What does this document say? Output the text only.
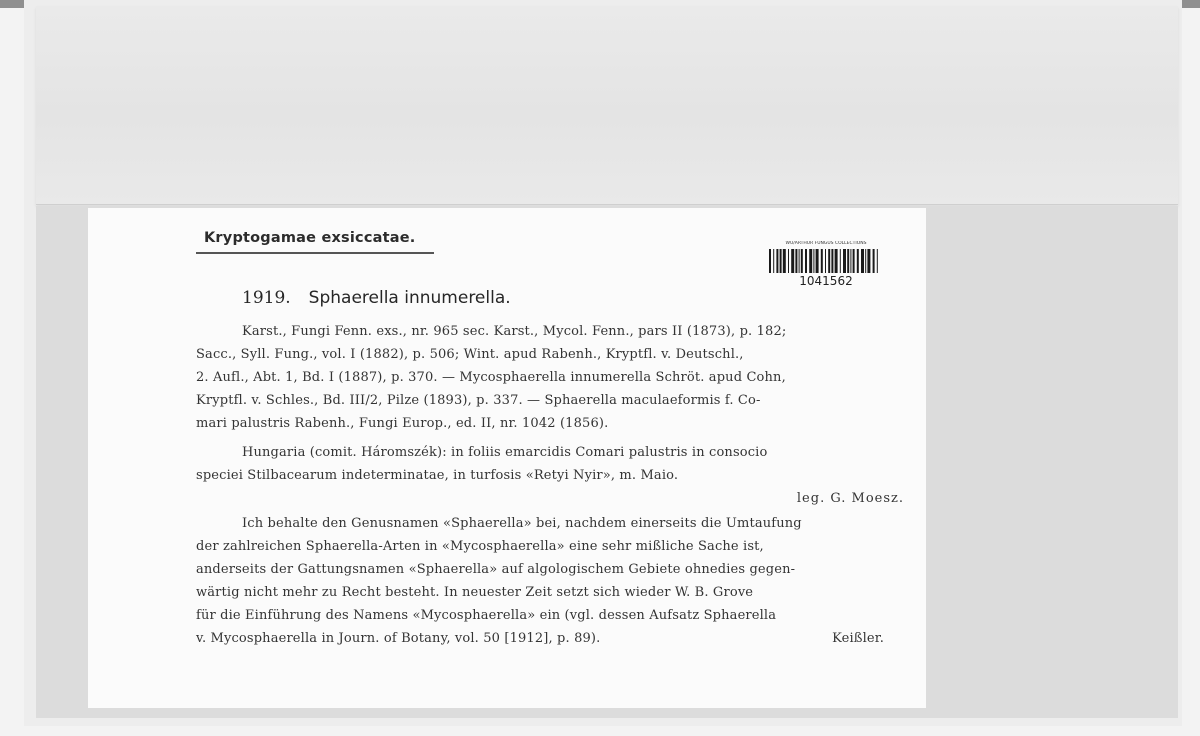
Kryptogamae exsiccatae.	WU/ARTHUR FUNGUS COLLECTIONS
1041562
1919. Sphaerella innumerella.
Karst., Fungi Fenn. exs., nr. 965 sec. Karst., Mycol. Fenn., pars II (1873), p. 182;
Sacc., Syll. Fung., vol. I (1882), p. 506; Wint. apud Rabenh., Kryptfl. v. Deutschl.,
2. Aufl., Abt. 1, Bd. I (1887), p. 370. — Mycosphaerella innumerella Schröt. apud Cohn,
Kryptfl. v. Schles., Bd. III/2, Pilze (1893), p. 337. — Sphaerella maculaeformis f. Co-
mari palustris Rabenh., Fungi Europ., ed. II, nr. 1042 (1856).
Hungaria (comit. Háromszék): in foliis emarcidis Comari palustris in consocio
speciei Stilbacearum indeterminatae, in turfosis «Retyi Nyir», m. Maio.
leg. G. Moesz.
Ich behalte den Genusnamen «Sphaerella» bei, nachdem einerseits die Umtaufung
der zahlreichen Sphaerella-Arten in «Mycosphaerella» eine sehr mißliche Sache ist,
anderseits der Gattungsnamen «Sphaerella» auf algologischem Gebiete ohnedies gegen-
wärtig nicht mehr zu Recht besteht. In neuester Zeit setzt sich wieder W. B. Grove
für die Einführung des Namens «Mycosphaerella» ein (vgl. dessen Aufsatz Sphaerella
v. Mycosphaerella in Journ. of Botany, vol. 50 [1912], p. 89).	Keißler.
